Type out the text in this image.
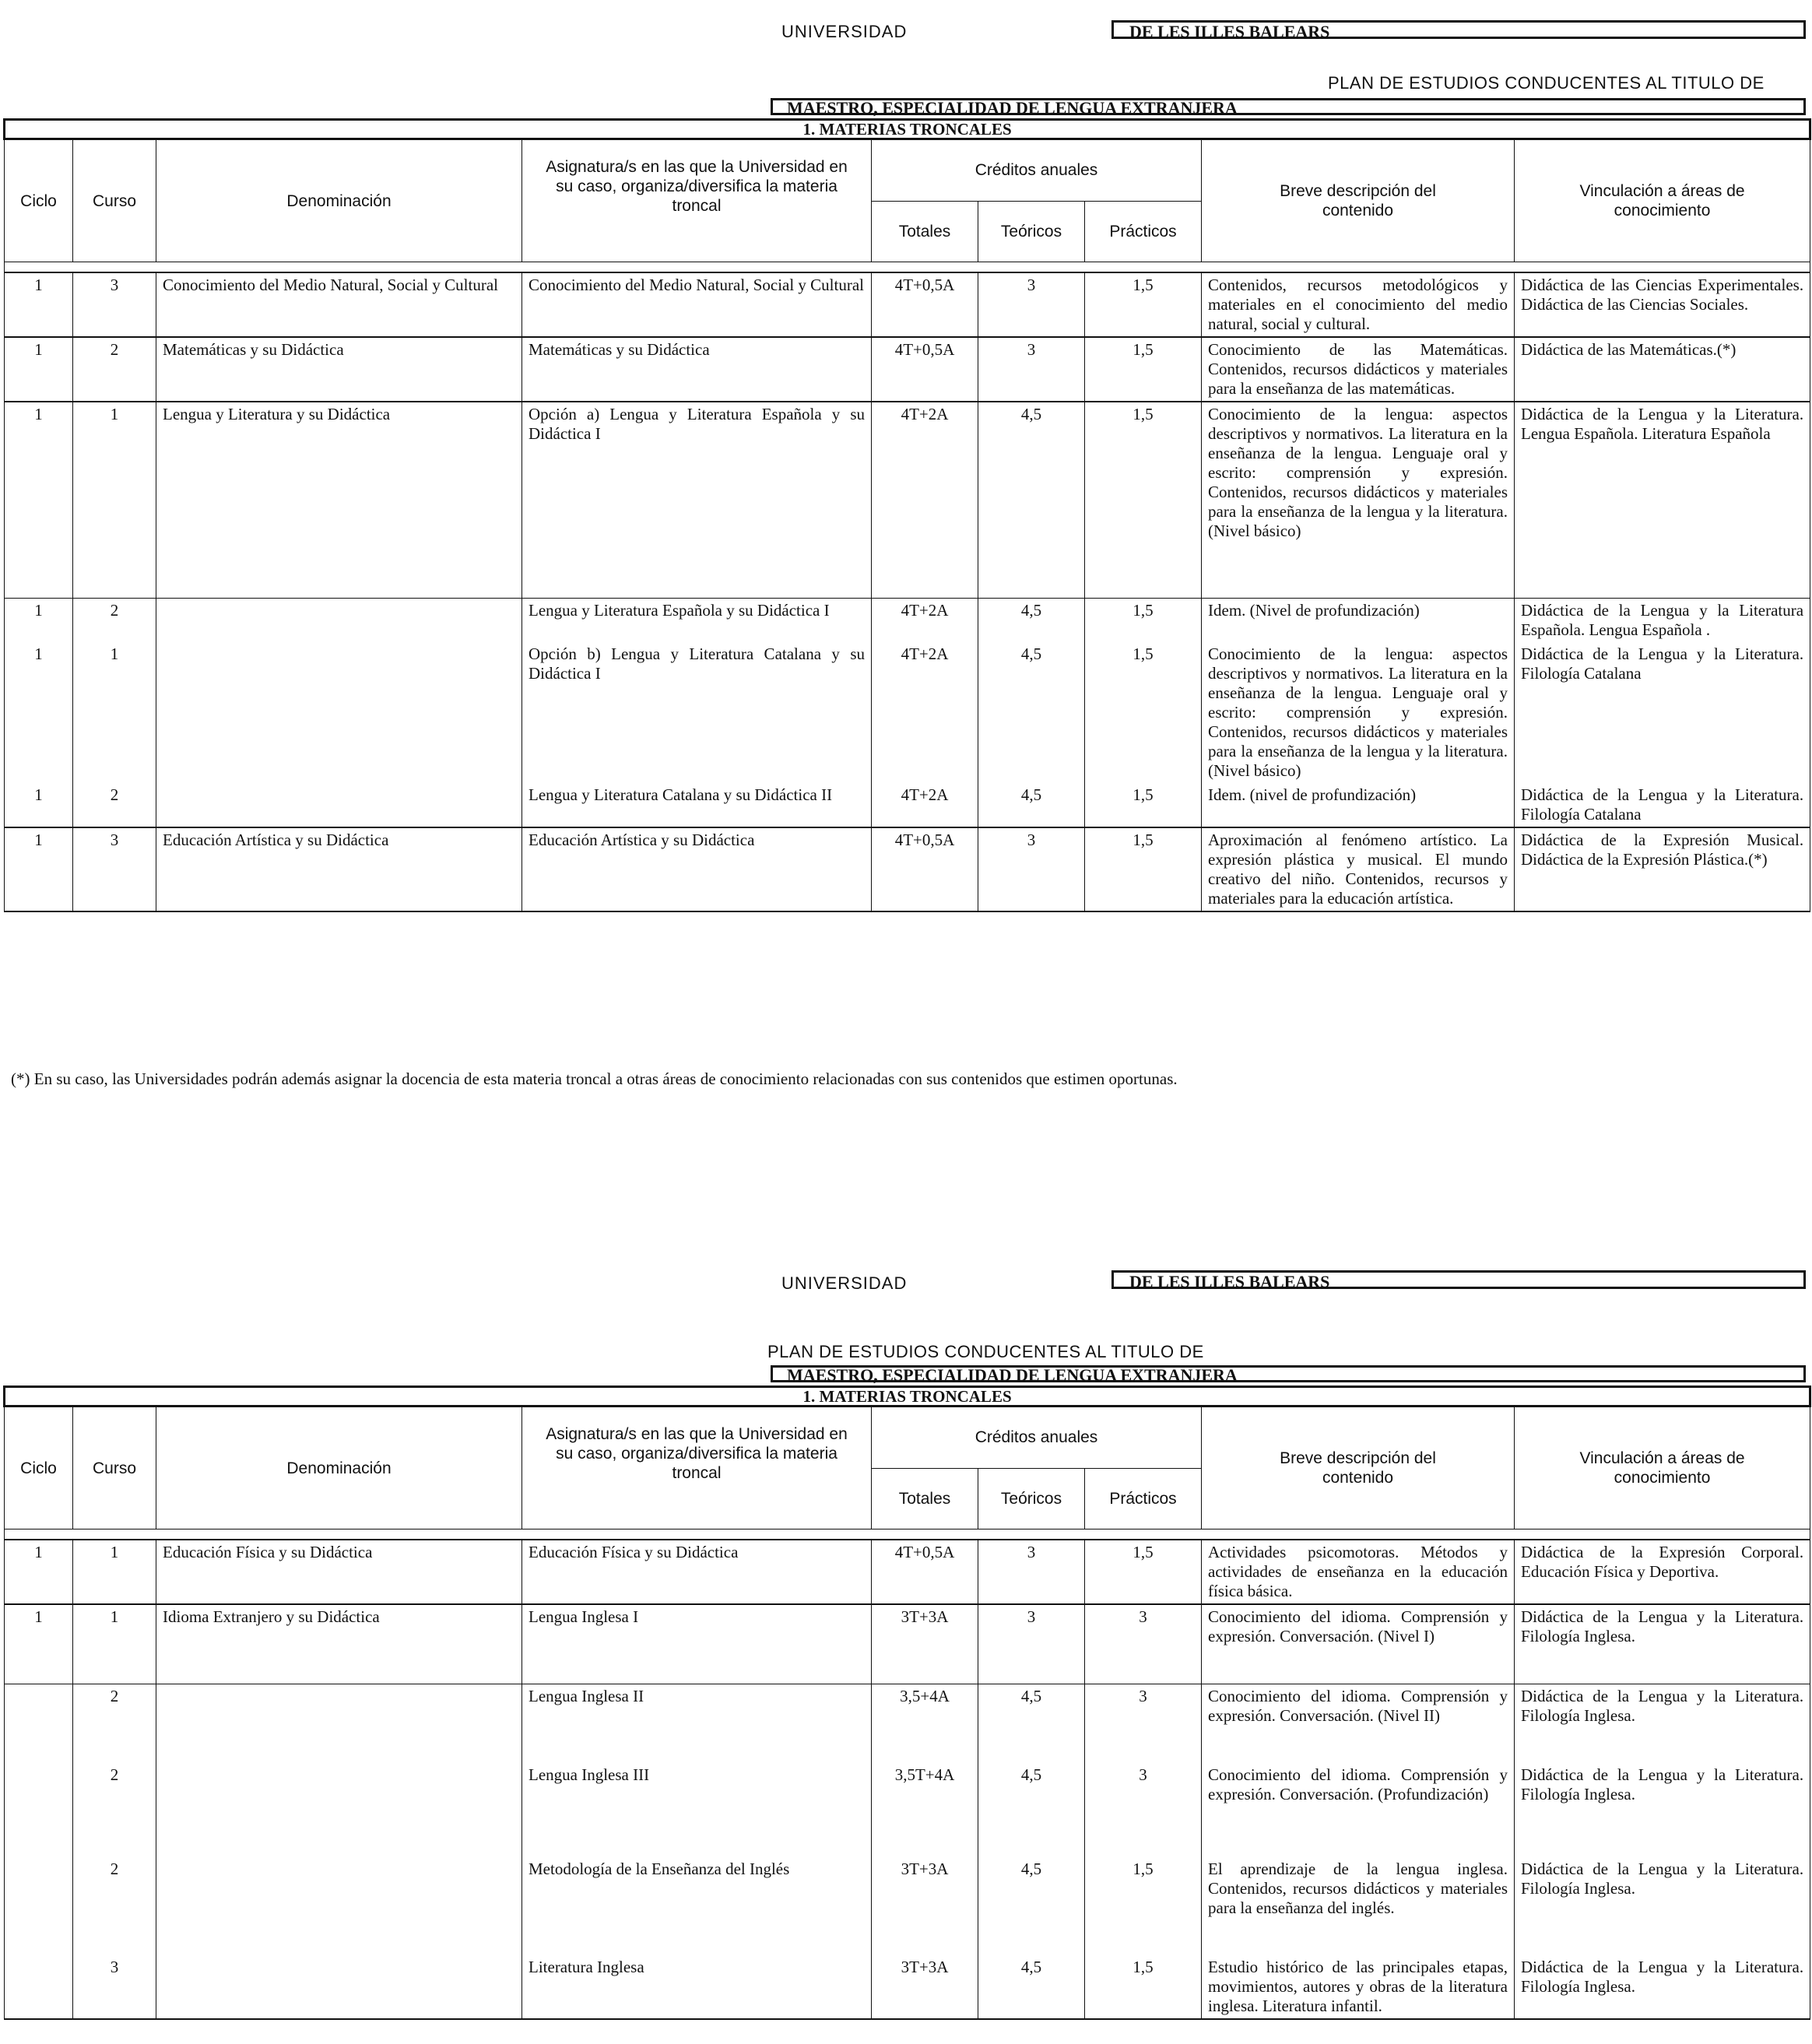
UNIVERSIDAD	DE LES ILLES BALEARS
PLAN DE ESTUDIOS CONDUCENTES AL TITULO DE
MAESTRO, ESPECIALIDAD DE LENGUA EXTRANJERA
1. MATERIAS TRONCALES								
Ciclo	Curso	Denominación	Asignatura/s en las que la Universidad en su caso, organiza/diversifica la materia troncal	Créditos anuales			Breve descripción del contenido	Vinculación a áreas de conocimiento
				Totales	Teóricos	Prácticos		

1	3	Conocimiento del Medio Natural, Social y Cultural	Conocimiento del Medio Natural, Social y Cultural	4T+0,5A	3	1,5	Contenidos, recursos metodológicos y materiales en el conocimiento del medio natural, social y cultural.	Didáctica de las Ciencias Experimentales. Didáctica de las Ciencias Sociales.
1	2	Matemáticas y su Didáctica	Matemáticas y su Didáctica	4T+0,5A	3	1,5	Conocimiento de las Matemáticas. Contenidos, recursos didácticos y materiales para la enseñanza de las matemáticas.	Didáctica de las Matemáticas.(*)
1	1	Lengua y Literatura y su Didáctica	Opción a) Lengua y Literatura Española y su Didáctica I	4T+2A	4,5	1,5	Conocimiento de la lengua: aspectos descriptivos y normativos. La literatura en la enseñanza de la lengua. Lenguaje oral y escrito: comprensión y expresión. Contenidos, recursos didácticos y materiales para la enseñanza de la lengua y la literatura. (Nivel básico)	Didáctica de la Lengua y la Literatura. Lengua Española. Literatura Española
1	2		Lengua y Literatura Española y su Didáctica I	4T+2A	4,5	1,5	Idem. (Nivel de profundización)	Didáctica de la Lengua y la Literatura Española. Lengua Española .
1	1		Opción b) Lengua y Literatura Catalana y su Didáctica I	4T+2A	4,5	1,5	Conocimiento de la lengua: aspectos descriptivos y normativos. La literatura en la enseñanza de la lengua. Lenguaje oral y escrito: comprensión y expresión. Contenidos, recursos didácticos y materiales para la enseñanza de la lengua y la literatura. (Nivel básico)	Didáctica de la Lengua y la Literatura. Filología Catalana
1	2		Lengua y Literatura Catalana y su Didáctica II	4T+2A	4,5	1,5	Idem. (nivel de profundización)	Didáctica de la Lengua y la Literatura. Filología Catalana
1	3	Educación Artística y su Didáctica	Educación Artística y su Didáctica	4T+0,5A	3	1,5	Aproximación al fenómeno artístico. La expresión plástica y musical. El mundo creativo del niño. Contenidos, recursos y materiales para la educación artística.	Didáctica de la Expresión Musical. Didáctica de la Expresión Plástica.(*)
(*) En su caso, las Universidades podrán además asignar la docencia de esta materia troncal a otras áreas de conocimiento relacionadas con sus contenidos que estimen oportunas.
UNIVERSIDAD	DE LES ILLES BALEARS
PLAN DE ESTUDIOS CONDUCENTES AL TITULO DE
MAESTRO, ESPECIALIDAD DE LENGUA EXTRANJERA
1. MATERIAS TRONCALES								
Ciclo	Curso	Denominación	Asignatura/s en las que la Universidad en su caso, organiza/diversifica la materia troncal	Créditos anuales			Breve descripción del contenido	Vinculación a áreas de conocimiento
				Totales	Teóricos	Prácticos		

1	1	Educación Física y su Didáctica	Educación Física y su Didáctica	4T+0,5A	3	1,5	Actividades psicomotoras. Métodos y actividades de enseñanza en la educación física básica.	Didáctica de la Expresión Corporal. Educación Física y Deportiva.
1	1	Idioma Extranjero y su Didáctica	Lengua Inglesa I	3T+3A	3	3	Conocimiento del idioma. Comprensión y expresión. Conversación. (Nivel I)	Didáctica de la Lengua y la Literatura. Filología Inglesa.
	2		Lengua Inglesa II	3,5+4A	4,5	3	Conocimiento del idioma. Comprensión y expresión. Conversación. (Nivel II)	Didáctica de la Lengua y la Literatura. Filología Inglesa.
	2		Lengua Inglesa III	3,5T+4A	4,5	3	Conocimiento del idioma. Comprensión y expresión. Conversación. (Profundización)	Didáctica de la Lengua y la Literatura. Filología Inglesa.
	2		Metodología de la Enseñanza del Inglés	3T+3A	4,5	1,5	El aprendizaje de la lengua inglesa. Contenidos, recursos didácticos y materiales para la enseñanza del inglés.	Didáctica de la Lengua y la Literatura. Filología Inglesa.
	3		Literatura Inglesa	3T+3A	4,5	1,5	Estudio histórico de las principales etapas, movimientos, autores y obras de la literatura inglesa. Literatura infantil.	Didáctica de la Lengua y la Literatura. Filología Inglesa.
